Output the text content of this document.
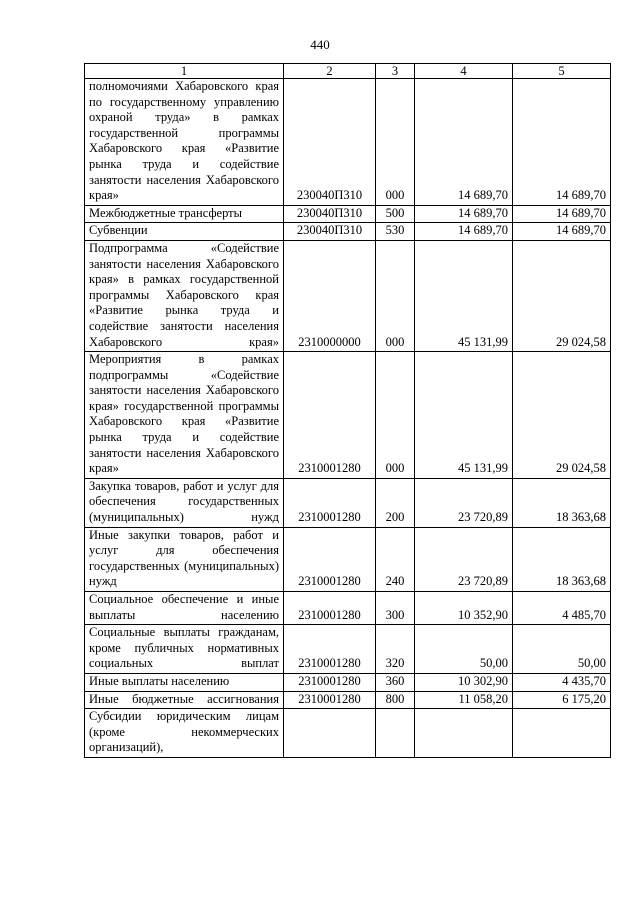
440
1	2	3	4	5
полномочиями Хабаровского края по государственному управлению охраной труда» в рамках государственной программы Хабаровского края «Развитие рынка труда и содействие занятости населения Хабаровского края»	230040П310	000	14 689,70	14 689,70
Межбюджетные трансферты	230040П310	500	14 689,70	14 689,70
Субвенции	230040П310	530	14 689,70	14 689,70
Подпрограмма «Содействие занятости населения Хабаровского края» в рамках государственной программы Хабаровского края «Развитие рынка труда и содействие занятости населения Хабаровского края»	2310000000	000	45 131,99	29 024,58
Мероприятия в рамках подпрограммы «Содействие занятости населения Хабаровского края» государственной программы Хабаровского края «Развитие рынка труда и содействие занятости населения Хабаровского края»	2310001280	000	45 131,99	29 024,58
Закупка товаров, работ и услуг для обеспечения государственных (муниципальных) нужд	2310001280	200	23 720,89	18 363,68
Иные закупки товаров, работ и услуг для обеспечения государственных (муниципальных) нужд	2310001280	240	23 720,89	18 363,68
Социальное обеспечение и иные выплаты населению	2310001280	300	10 352,90	4 485,70
Социальные выплаты гражданам, кроме публичных нормативных социальных выплат	2310001280	320	50,00	50,00
Иные выплаты населению	2310001280	360	10 302,90	4 435,70
Иные бюджетные ассигнования	2310001280	800	11 058,20	6 175,20
Субсидии юридическим лицам (кроме некоммерческих организаций),				
